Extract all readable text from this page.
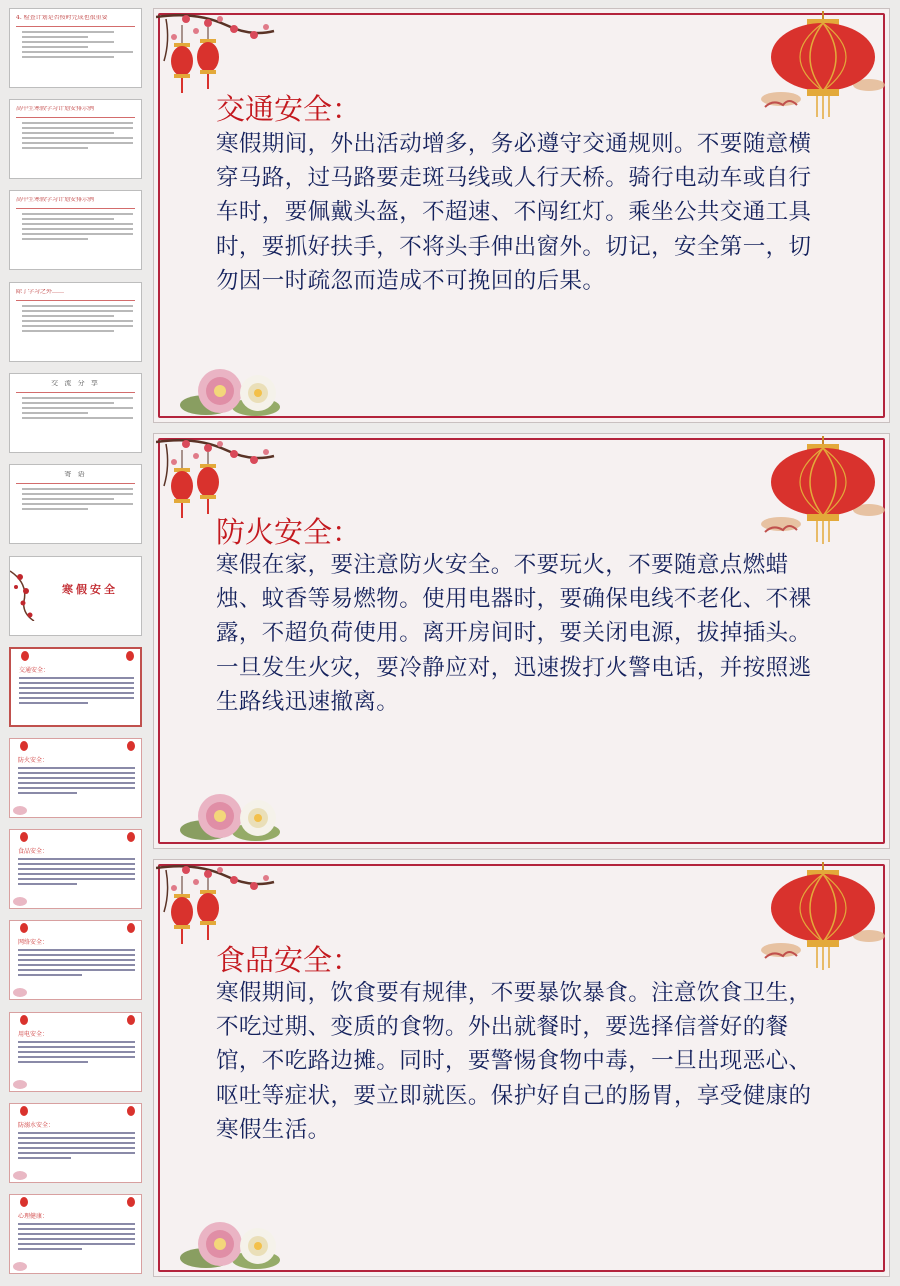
4. 检查计划是否按时完成也很重要
高中生寒假学习计划安排示例
高中生寒假学习计划安排示例
除了学习之外……
交 流 分 享
寄 语
寒假安全
交通安全：
防火安全：
食品安全：
网络安全：
用电安全：
防溺水安全：
心理健康：
交通安全：

寒假期间，外出活动增多，务必遵守交通规则。不要随意横穿马路，过马路要走斑马线或人行天桥。骑行电动车或自行车时，要佩戴头盔，不超速、不闯红灯。乘坐公共交通工具时，要抓好扶手，不将头手伸出窗外。切记，安全第一，切勿因一时疏忽而造成不可挽回的后果。

防火安全：

寒假在家，要注意防火安全。不要玩火，不要随意点燃蜡烛、蚊香等易燃物。使用电器时，要确保电线不老化、不裸露，不超负荷使用。离开房间时，要关闭电源，拔掉插头。一旦发生火灾，要冷静应对，迅速拨打火警电话，并按照逃生路线迅速撤离。

食品安全：

寒假期间，饮食要有规律，不要暴饮暴食。注意饮食卫生，不吃过期、变质的食物。外出就餐时，要选择信誉好的餐馆，不吃路边摊。同时，要警惕食物中毒，一旦出现恶心、呕吐等症状，要立即就医。保护好自己的肠胃，享受健康的寒假生活。
